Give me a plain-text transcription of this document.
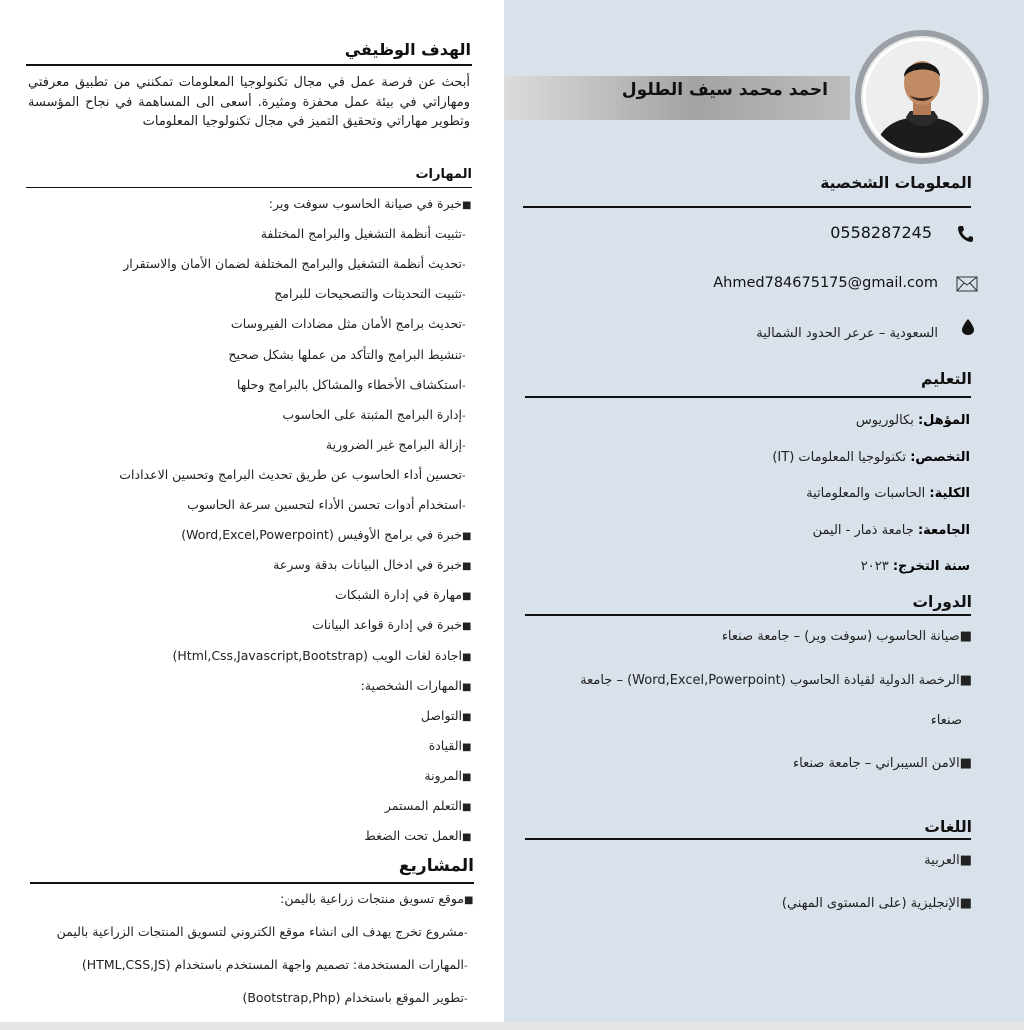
الهدف الوظيفي
أبحث عن فرصة عمل في مجال تكنولوجيا المعلومات تمكنني من تطبيق معرفتي ومهاراتي في بيئة عمل محفزة ومثيرة. أسعى الى المساهمة في نجاح المؤسسة وتطوير مهاراتي وتحقيق التميز في مجال تكنولوجيا المعلومات
المهارات
■خبرة في صيانة الحاسوب سوفت وير:
-تثبيت أنظمة التشغيل والبرامج المختلفة
-تحديث أنظمة التشغيل والبرامج المختلفة لضمان الأمان والاستقرار
-تثبيت التحديثات والتصحيحات للبرامج
-تحديث برامج الأمان مثل مضادات الفيروسات
-تنشيط البرامج والتأكد من عملها بشكل صحيح
-استكشاف الأخطاء والمشاكل بالبرامج وحلها
-إدارة البرامج المثبتة على الحاسوب
-إزالة البرامج غير الضرورية
-تحسين أداء الحاسوب عن طريق تحديث البرامج وتحسين الاعدادات
-استخدام أدوات تحسن الأداء لتحسين سرعة الحاسوب
■خبرة في برامج الأوفيس (Word,Excel,Powerpoint)
■خبرة في ادخال البيانات بدقة وسرعة
■مهارة في إدارة الشبكات
■خبرة في إدارة قواعد البيانات
■اجادة لغات الويب (Html,Css,Javascript,Bootstrap)
■المهارات الشخصية:
■التواصل
■القيادة
■المرونة
■التعلم المستمر
■العمل تحت الضغط
المشاريع
■موقع تسويق منتجات زراعية باليمن:
-مشروع تخرج يهدف الى انشاء موقع الكتروني لتسويق المنتجات الزراعية باليمن
-المهارات المستخدمة: تصميم واجهة المستخدم باستخدام (HTML,CSS,JS)
-تطوير الموقع باستخدام (Bootstrap,Php)
احمد محمد سيف الطلول
المعلومات الشخصية
0558287245
Ahmed784675175@gmail.com
السعودية – عرعر الحدود الشمالية
التعليم
المؤهل: بكالوريوس
التخصص: تكنولوجيا المعلومات (IT)
الكلية: الحاسبات والمعلوماتية
الجامعة: جامعة ذمار - اليمن
سنة التخرج: ٢٠٢٣
الدورات
■صيانة الحاسوب (سوفت وير) – جامعة صنعاء
■الرخصة الدولية لقيادة الحاسوب (Word,Excel,Powerpoint) – جامعة
صنعاء
■الامن السيبراني – جامعة صنعاء
اللغات
■العربية
■الإنجليزية (على المستوى المهني)
